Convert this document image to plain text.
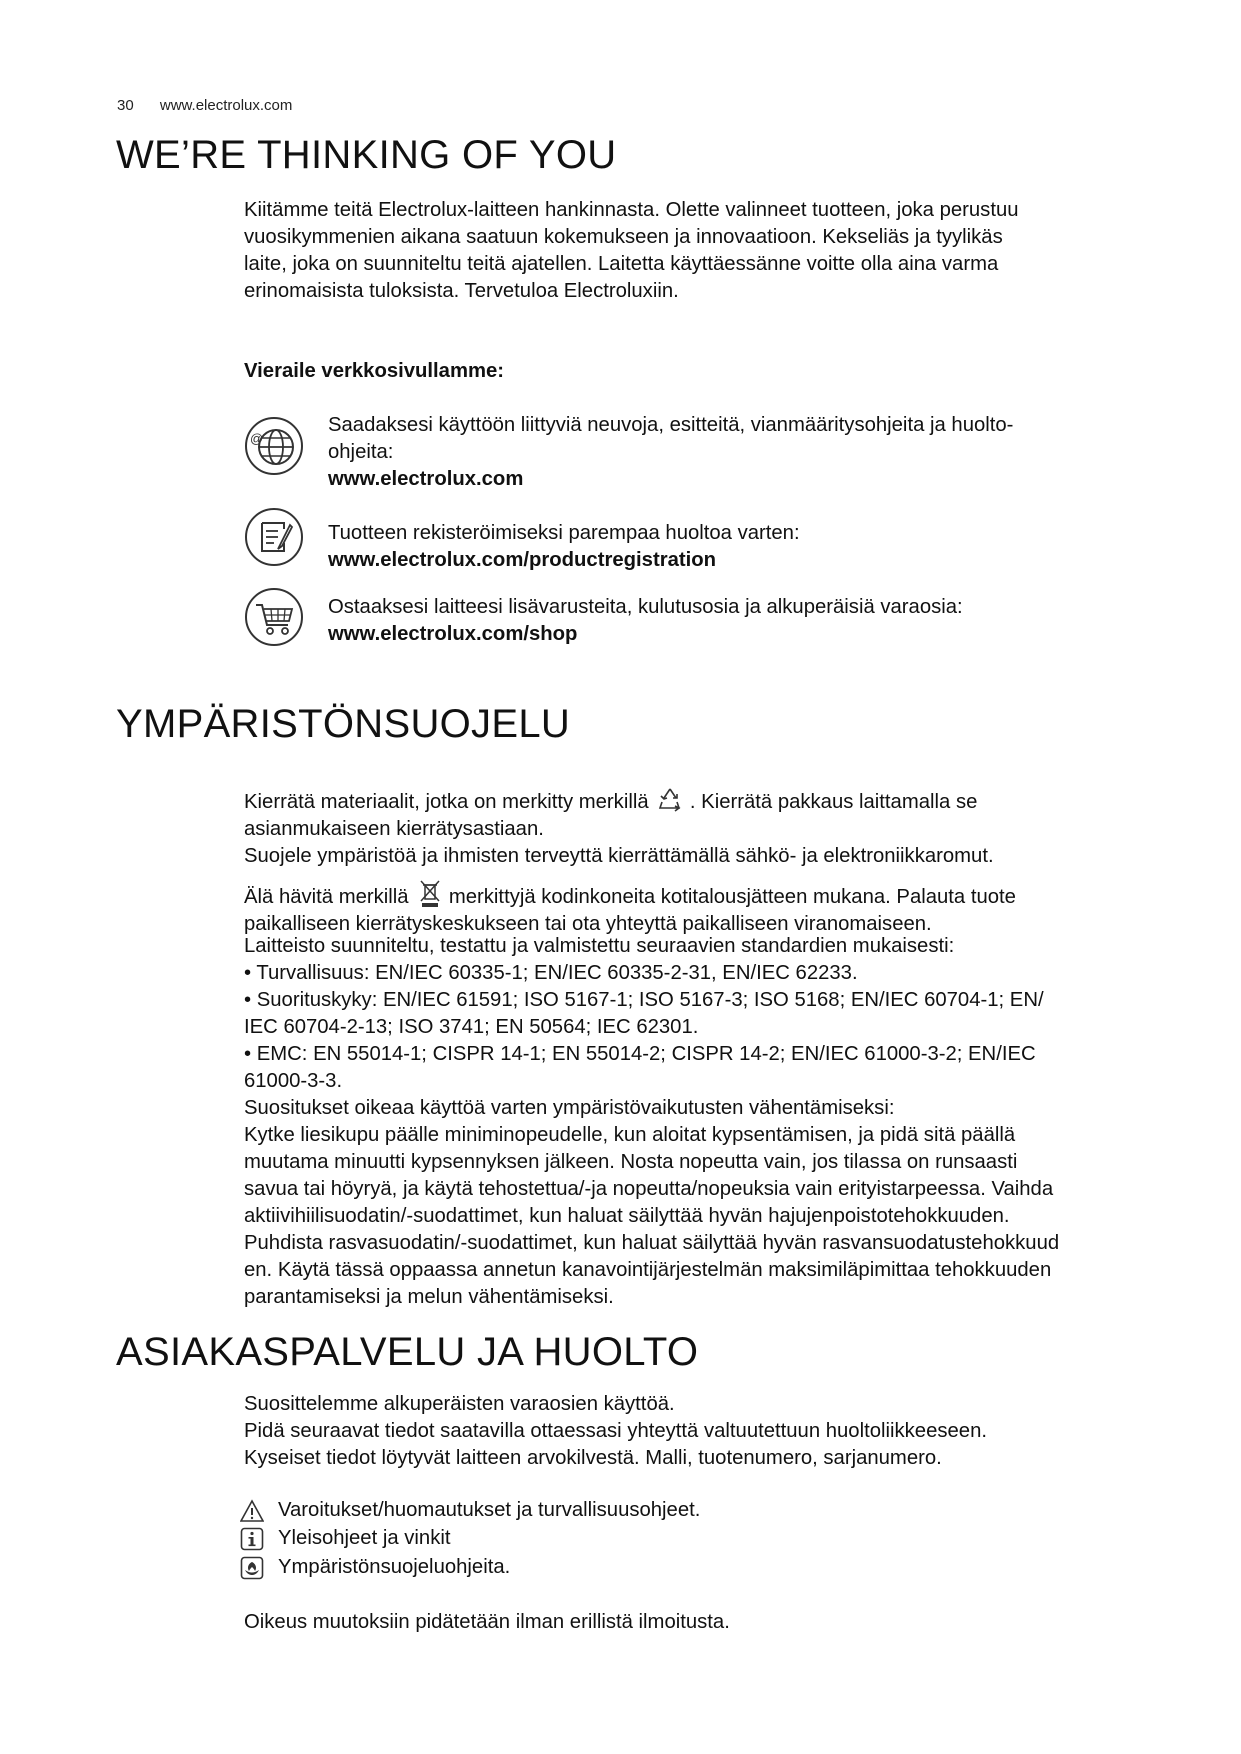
30 www.electrolux.com
WE’RE THINKING OF YOU
Kiitämme teitä Electrolux-laitteen hankinnasta. Olette valinneet tuotteen, joka perustuu
vuosikymmenien aikana saatuun kokemukseen ja innovaatioon. Kekseliäs ja tyylikäs
laite, joka on suunniteltu teitä ajatellen. Laitetta käyttäessänne voitte olla aina varma
erinomaisista tuloksista. Tervetuloa Electroluxiin.
Vieraile verkkosivullamme:
@
Saadaksesi käyttöön liittyviä neuvoja, esitteitä, vianmääritysohjeita ja huolto-
ohjeita:
www.electrolux.com
Tuotteen rekisteröimiseksi parempaa huoltoa varten:
www.electrolux.com/productregistration
Ostaaksesi laitteesi lisävarusteita, kulutusosia ja alkuperäisiä varaosia:
www.electrolux.com/shop
YMPÄRISTÖNSUOJELU
Kierrätä materiaalit, jotka on merkitty merkillä . Kierrätä pakkaus laittamalla se
asianmukaiseen kierrätysastiaan.
Suojele ympäristöä ja ihmisten terveyttä kierrättämällä sähkö- ja elektroniikkaromut.
Älä hävitä merkillä merkittyjä kodinkoneita kotitalousjätteen mukana. Palauta tuote
paikalliseen kierrätyskeskukseen tai ota yhteyttä paikalliseen viranomaiseen.
Laitteisto suunniteltu, testattu ja valmistettu seuraavien standardien mukaisesti:
• Turvallisuus: EN/IEC 60335-1; EN/IEC 60335-2-31, EN/IEC 62233.
• Suorituskyky: EN/IEC 61591; ISO 5167-1; ISO 5167-3; ISO 5168; EN/IEC 60704-1; EN/
IEC 60704-2-13; ISO 3741; EN 50564; IEC 62301.
• EMC: EN 55014-1; CISPR 14-1; EN 55014-2; CISPR 14-2; EN/IEC 61000-3-2; EN/IEC
61000-3-3.
Suositukset oikeaa käyttöä varten ympäristövaikutusten vähentämiseksi:
Kytke liesikupu päälle miniminopeudelle, kun aloitat kypsentämisen, ja pidä sitä päällä
muutama minuutti kypsennyksen jälkeen. Nosta nopeutta vain, jos tilassa on runsaasti
savua tai höyryä, ja käytä tehostettua/-ja nopeutta/nopeuksia vain erityistarpeessa. Vaihda
aktiivihiilisuodatin/-suodattimet, kun haluat säilyttää hyvän hajujenpoistotehokkuuden.
Puhdista rasvasuodatin/-suodattimet, kun haluat säilyttää hyvän rasvansuodatustehokkuud
en. Käytä tässä oppaassa annetun kanavointijärjestelmän maksimiläpimittaa tehokkuuden
parantamiseksi ja melun vähentämiseksi.
ASIAKASPALVELU JA HUOLTO
Suosittelemme alkuperäisten varaosien käyttöä.
Pidä seuraavat tiedot saatavilla ottaessasi yhteyttä valtuutettuun huoltoliikkeeseen.
Kyseiset tiedot löytyvät laitteen arvokilvestä. Malli, tuotenumero, sarjanumero.
Varoitukset/huomautukset ja turvallisuusohjeet.
Yleisohjeet ja vinkit
Ympäristönsuojeluohjeita.
Oikeus muutoksiin pidätetään ilman erillistä ilmoitusta.
